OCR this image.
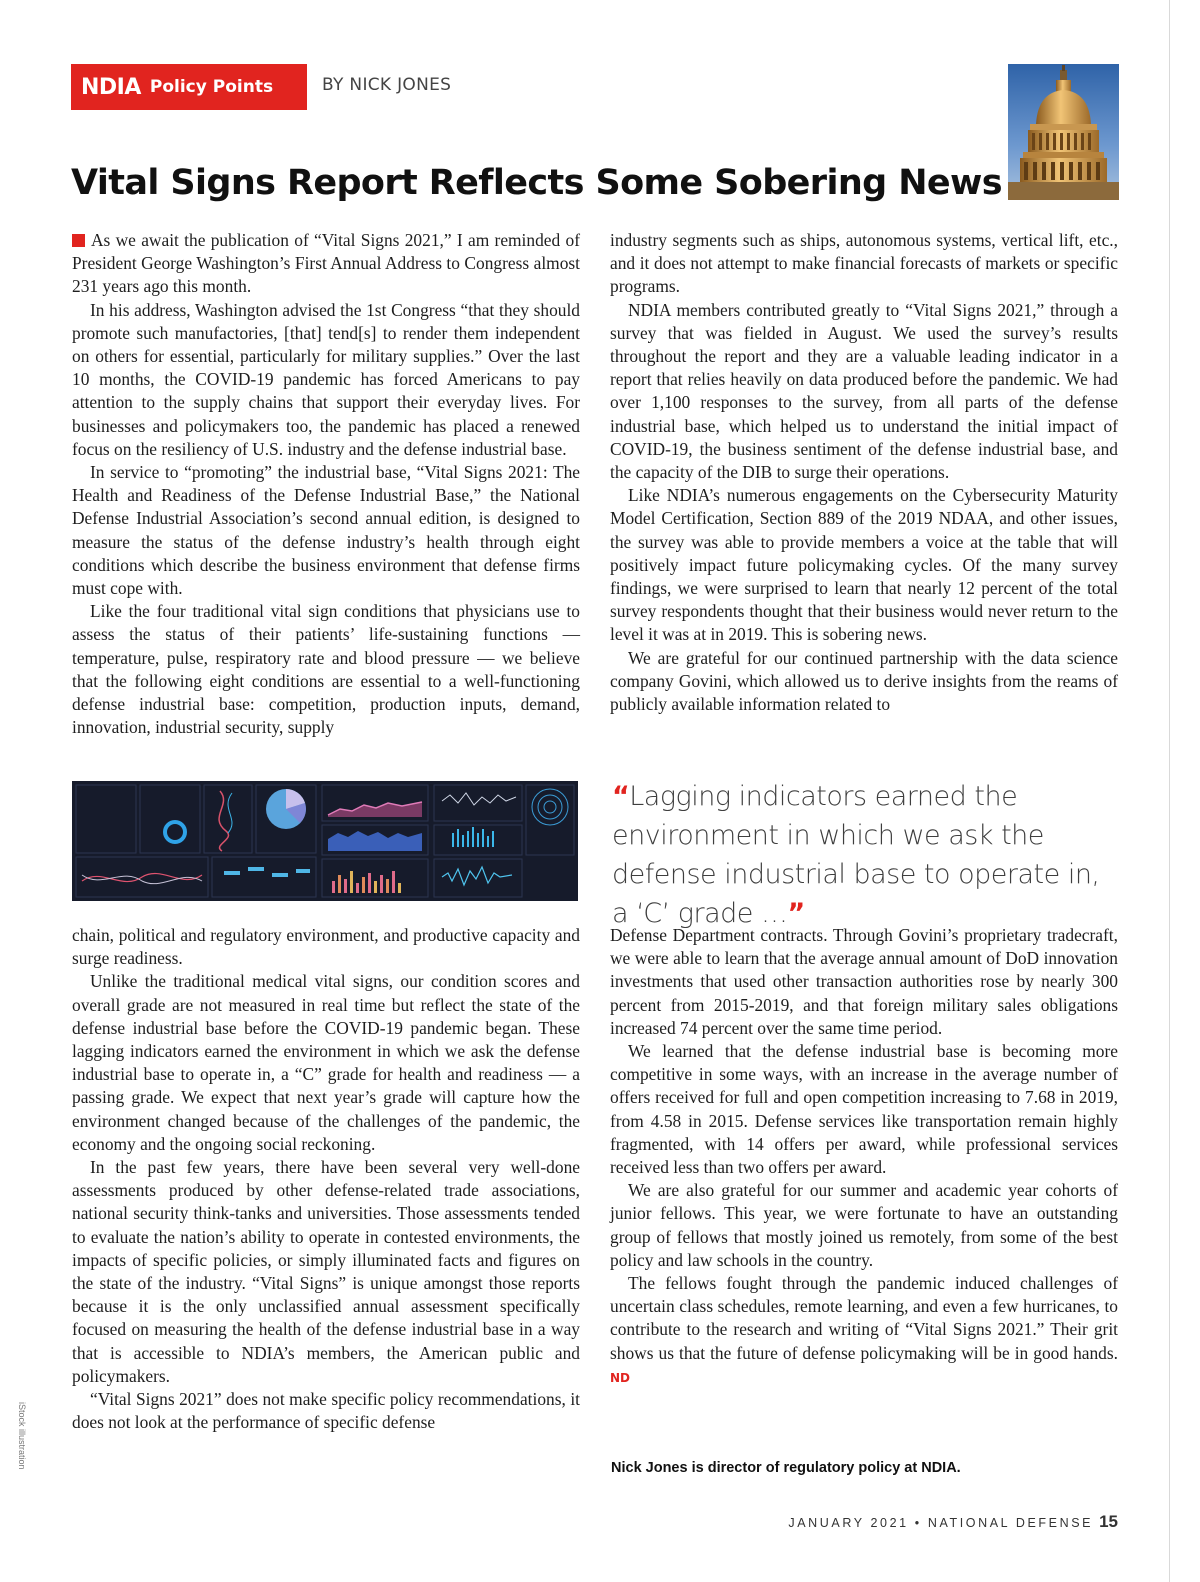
NDIA Policy Points	BY NICK JONES
Vital Signs Report Reflects Some Sobering News

As we await the publication of “Vital Signs 2021,” I am reminded of President George Washington’s First Annual Address to Congress almost 231 years ago this month.

In his address, Washington advised the 1st Congress “that they should promote such manufactories, [that] tend[s] to render them independent on others for essential, particularly for military supplies.” Over the last 10 months, the COVID-19 pandemic has forced Americans to pay attention to the supply chains that support their everyday lives. For businesses and policymakers too, the pandemic has placed a renewed focus on the resiliency of U.S. industry and the defense industrial base.

In service to “promoting” the industrial base, “Vital Signs 2021: The Health and Readiness of the Defense Industrial Base,” the National Defense Industrial Association’s second annual edition, is designed to measure the status of the defense industry’s health through eight conditions which describe the business environment that defense firms must cope with.

Like the four traditional vital sign conditions that physicians use to assess the status of their patients’ life-sustaining functions — temperature, pulse, respiratory rate and blood pressure — we believe that the following eight conditions are essential to a well-functioning defense industrial base: competition, production inputs, demand, innovation, industrial security, supply

industry segments such as ships, autonomous systems, vertical lift, etc., and it does not attempt to make financial forecasts of markets or specific programs.

NDIA members contributed greatly to “Vital Signs 2021,” through a survey that was fielded in August. We used the survey’s results throughout the report and they are a valuable leading indicator in a report that relies heavily on data produced before the pandemic. We had over 1,100 responses to the survey, from all parts of the defense industrial base, which helped us to understand the initial impact of COVID-19, the business sentiment of the defense industrial base, and the capacity of the DIB to surge their operations.

Like NDIA’s numerous engagements on the Cybersecurity Maturity Model Certification, Section 889 of the 2019 NDAA, and other issues, the survey was able to provide members a voice at the table that will positively impact future policymaking cycles. Of the many survey findings, we were surprised to learn that nearly 12 percent of the total survey respondents thought that their business would never return to the level it was at in 2019. This is sobering news.

We are grateful for our continued partnership with the data science company Govini, which allowed us to derive insights from the reams of publicly available information related to

“Lagging indicators earned the environment in which we ask the defense industrial base to operate in, a ‘C’ grade …”

chain, political and regulatory environment, and productive capacity and surge readiness.

Unlike the traditional medical vital signs, our condition scores and overall grade are not measured in real time but reflect the state of the defense industrial base before the COVID-19 pandemic began. These lagging indicators earned the environment in which we ask the defense industrial base to operate in, a “C” grade for health and readiness — a passing grade. We expect that next year’s grade will capture how the environment changed because of the challenges of the pandemic, the economy and the ongoing social reckoning.

In the past few years, there have been several very well-done assessments produced by other defense-related trade associations, national security think-tanks and universities. Those assessments tended to evaluate the nation’s ability to operate in contested environments, the impacts of specific policies, or simply illuminated facts and figures on the state of the industry. “Vital Signs” is unique amongst those reports because it is the only unclassified annual assessment specifically focused on measuring the health of the defense industrial base in a way that is accessible to NDIA’s members, the American public and policymakers.

“Vital Signs 2021” does not make specific policy recommendations, it does not look at the performance of specific defense

Defense Department contracts. Through Govini’s proprietary tradecraft, we were able to learn that the average annual amount of DoD innovation investments that used other transaction authorities rose by nearly 300 percent from 2015-2019, and that foreign military sales obligations increased 74 percent over the same time period.

We learned that the defense industrial base is becoming more competitive in some ways, with an increase in the average number of offers received for full and open competition increasing to 7.68 in 2019, from 4.58 in 2015. Defense services like transportation remain highly fragmented, with 14 offers per award, while professional services received less than two offers per award.

We are also grateful for our summer and academic year cohorts of junior fellows. This year, we were fortunate to have an outstanding group of fellows that mostly joined us remotely, from some of the best policy and law schools in the country.

The fellows fought through the pandemic induced challenges of uncertain class schedules, remote learning, and even a few hurricanes, to contribute to the research and writing of “Vital Signs 2021.” Their grit shows us that the future of defense policymaking will be in good hands. ND

Nick Jones is director of regulatory policy at NDIA.
iStock illustration
JANUARY 2021 • NATIONAL DEFENSE 15
